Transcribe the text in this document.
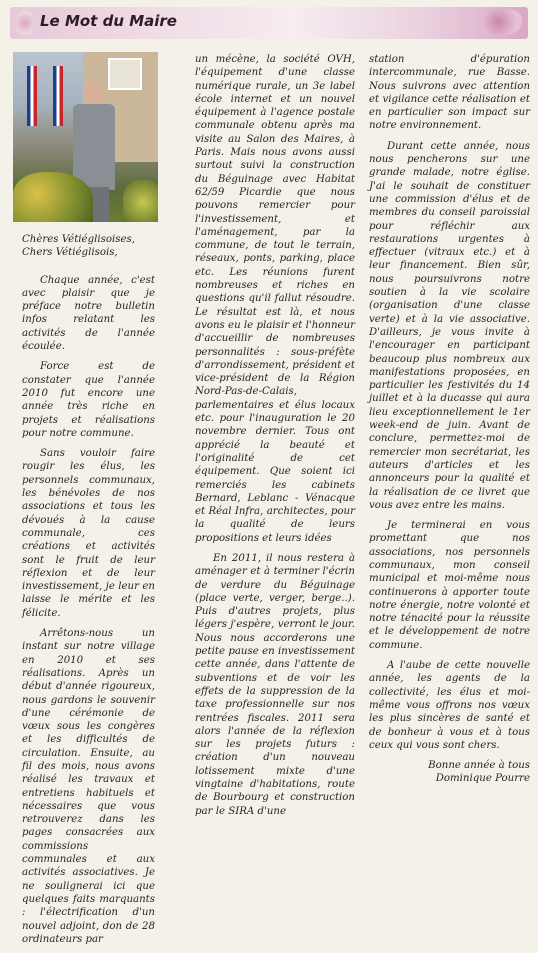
Le Mot du Maire

Chères Vétiéglisoises,

Chers Vétiéglisois,

Chaque année, c'est avec plaisir que je préface notre bulletin infos relatant les activités de l'année écoulée.

Force est de constater que l'année 2010 fut encore une année très riche en projets et réalisations pour notre commune.

Sans vouloir faire rougir les élus, les personnels communaux, les bénévoles de nos associations et tous les dévoués à la cause communale, ces créations et activités sont le fruit de leur réflexion et de leur investissement, je leur en laisse le mérite et les félicite.

Arrêtons-nous un instant sur notre village en 2010 et ses réalisations. Après un début d'année rigoureux, nous gardons le souvenir d'une cérémonie de vœux sous les congères et les difficultés de circulation. Ensuite, au fil des mois, nous avons réalisé les travaux et entretiens habituels et nécessaires que vous retrouverez dans les pages consacrées aux commissions communales et aux activités associatives. Je ne soulignerai ici que quelques faits marquants : l'électrification d'un nouvel adjoint, don de 28 ordinateurs par

un mécène, la société OVH, l'équipement d'une classe numérique rurale, un 3e label école internet et un nouvel équipement à l'agence postale communale obtenu après ma visite au Salon des Maires, à Paris. Mais nous avons aussi surtout suivi la construction du Béguinage avec Habitat 62/59 Picardie que nous pouvons remercier pour l'investissement, et l'aménagement, par la commune, de tout le terrain, réseaux, ponts, parking, place etc. Les réunions furent nombreuses et riches en questions qu'il fallut résoudre. Le résultat est là, et nous avons eu le plaisir et l'honneur d'accueillir de nombreuses personnalités : sous-préfète d'arrondissement, président et vice-président de la Région Nord-Pas-de-Calais, parlementaires et élus locaux etc. pour l'inauguration le 20 novembre dernier. Tous ont apprécié la beauté et l'originalité de cet équipement. Que soient ici remerciés les cabinets Bernard, Leblanc - Vénacque et Réal Infra, architectes, pour la qualité de leurs propositions et leurs idées

En 2011, il nous restera à aménager et à terminer l'écrin de verdure du Béguinage (place verte, verger, berge..). Puis d'autres projets, plus légers j'espère, verront le jour. Nous nous accorderons une petite pause en investissement cette année, dans l'attente de subventions et de voir les effets de la suppression de la taxe professionnelle sur nos rentrées fiscales. 2011 sera alors l'année de la réflexion sur les projets futurs : création d'un nouveau lotissement mixte d'une vingtaine d'habitations, route de Bourbourg et construction par le SIRA d'une

station d'épuration intercommunale, rue Basse. Nous suivrons avec attention et vigilance cette réalisation et en particulier son impact sur notre environnement.

Durant cette année, nous nous pencherons sur une grande malade, notre église. J'ai le souhait de constituer une commission d'élus et de membres du conseil paroissial pour réfléchir aux restaurations urgentes à effectuer (vitraux etc.) et à leur financement. Bien sûr, nous poursuivrons notre soutien à la vie scolaire (organisation d'une classe verte) et à la vie associative. D'ailleurs, je vous invite à l'encourager en participant beaucoup plus nombreux aux manifestations proposées, en particulier les festivités du 14 juillet et à la ducasse qui aura lieu exceptionnellement le 1er week-end de juin. Avant de conclure, permettez-moi de remercier mon secrétariat, les auteurs d'articles et les annonceurs pour la qualité et la réalisation de ce livret que vous avez entre les mains.

Je terminerai en vous promettant que nos associations, nos personnels communaux, mon conseil municipal et moi-même nous continuerons à apporter toute notre énergie, notre volonté et notre ténacité pour la réussite et le développement de notre commune.

A l'aube de cette nouvelle année, les agents de la collectivité, les élus et moi-même vous offrons nos vœux les plus sincères de santé et de bonheur à vous et à tous ceux qui vous sont chers.

Bonne année à tous

Dominique Pourre
